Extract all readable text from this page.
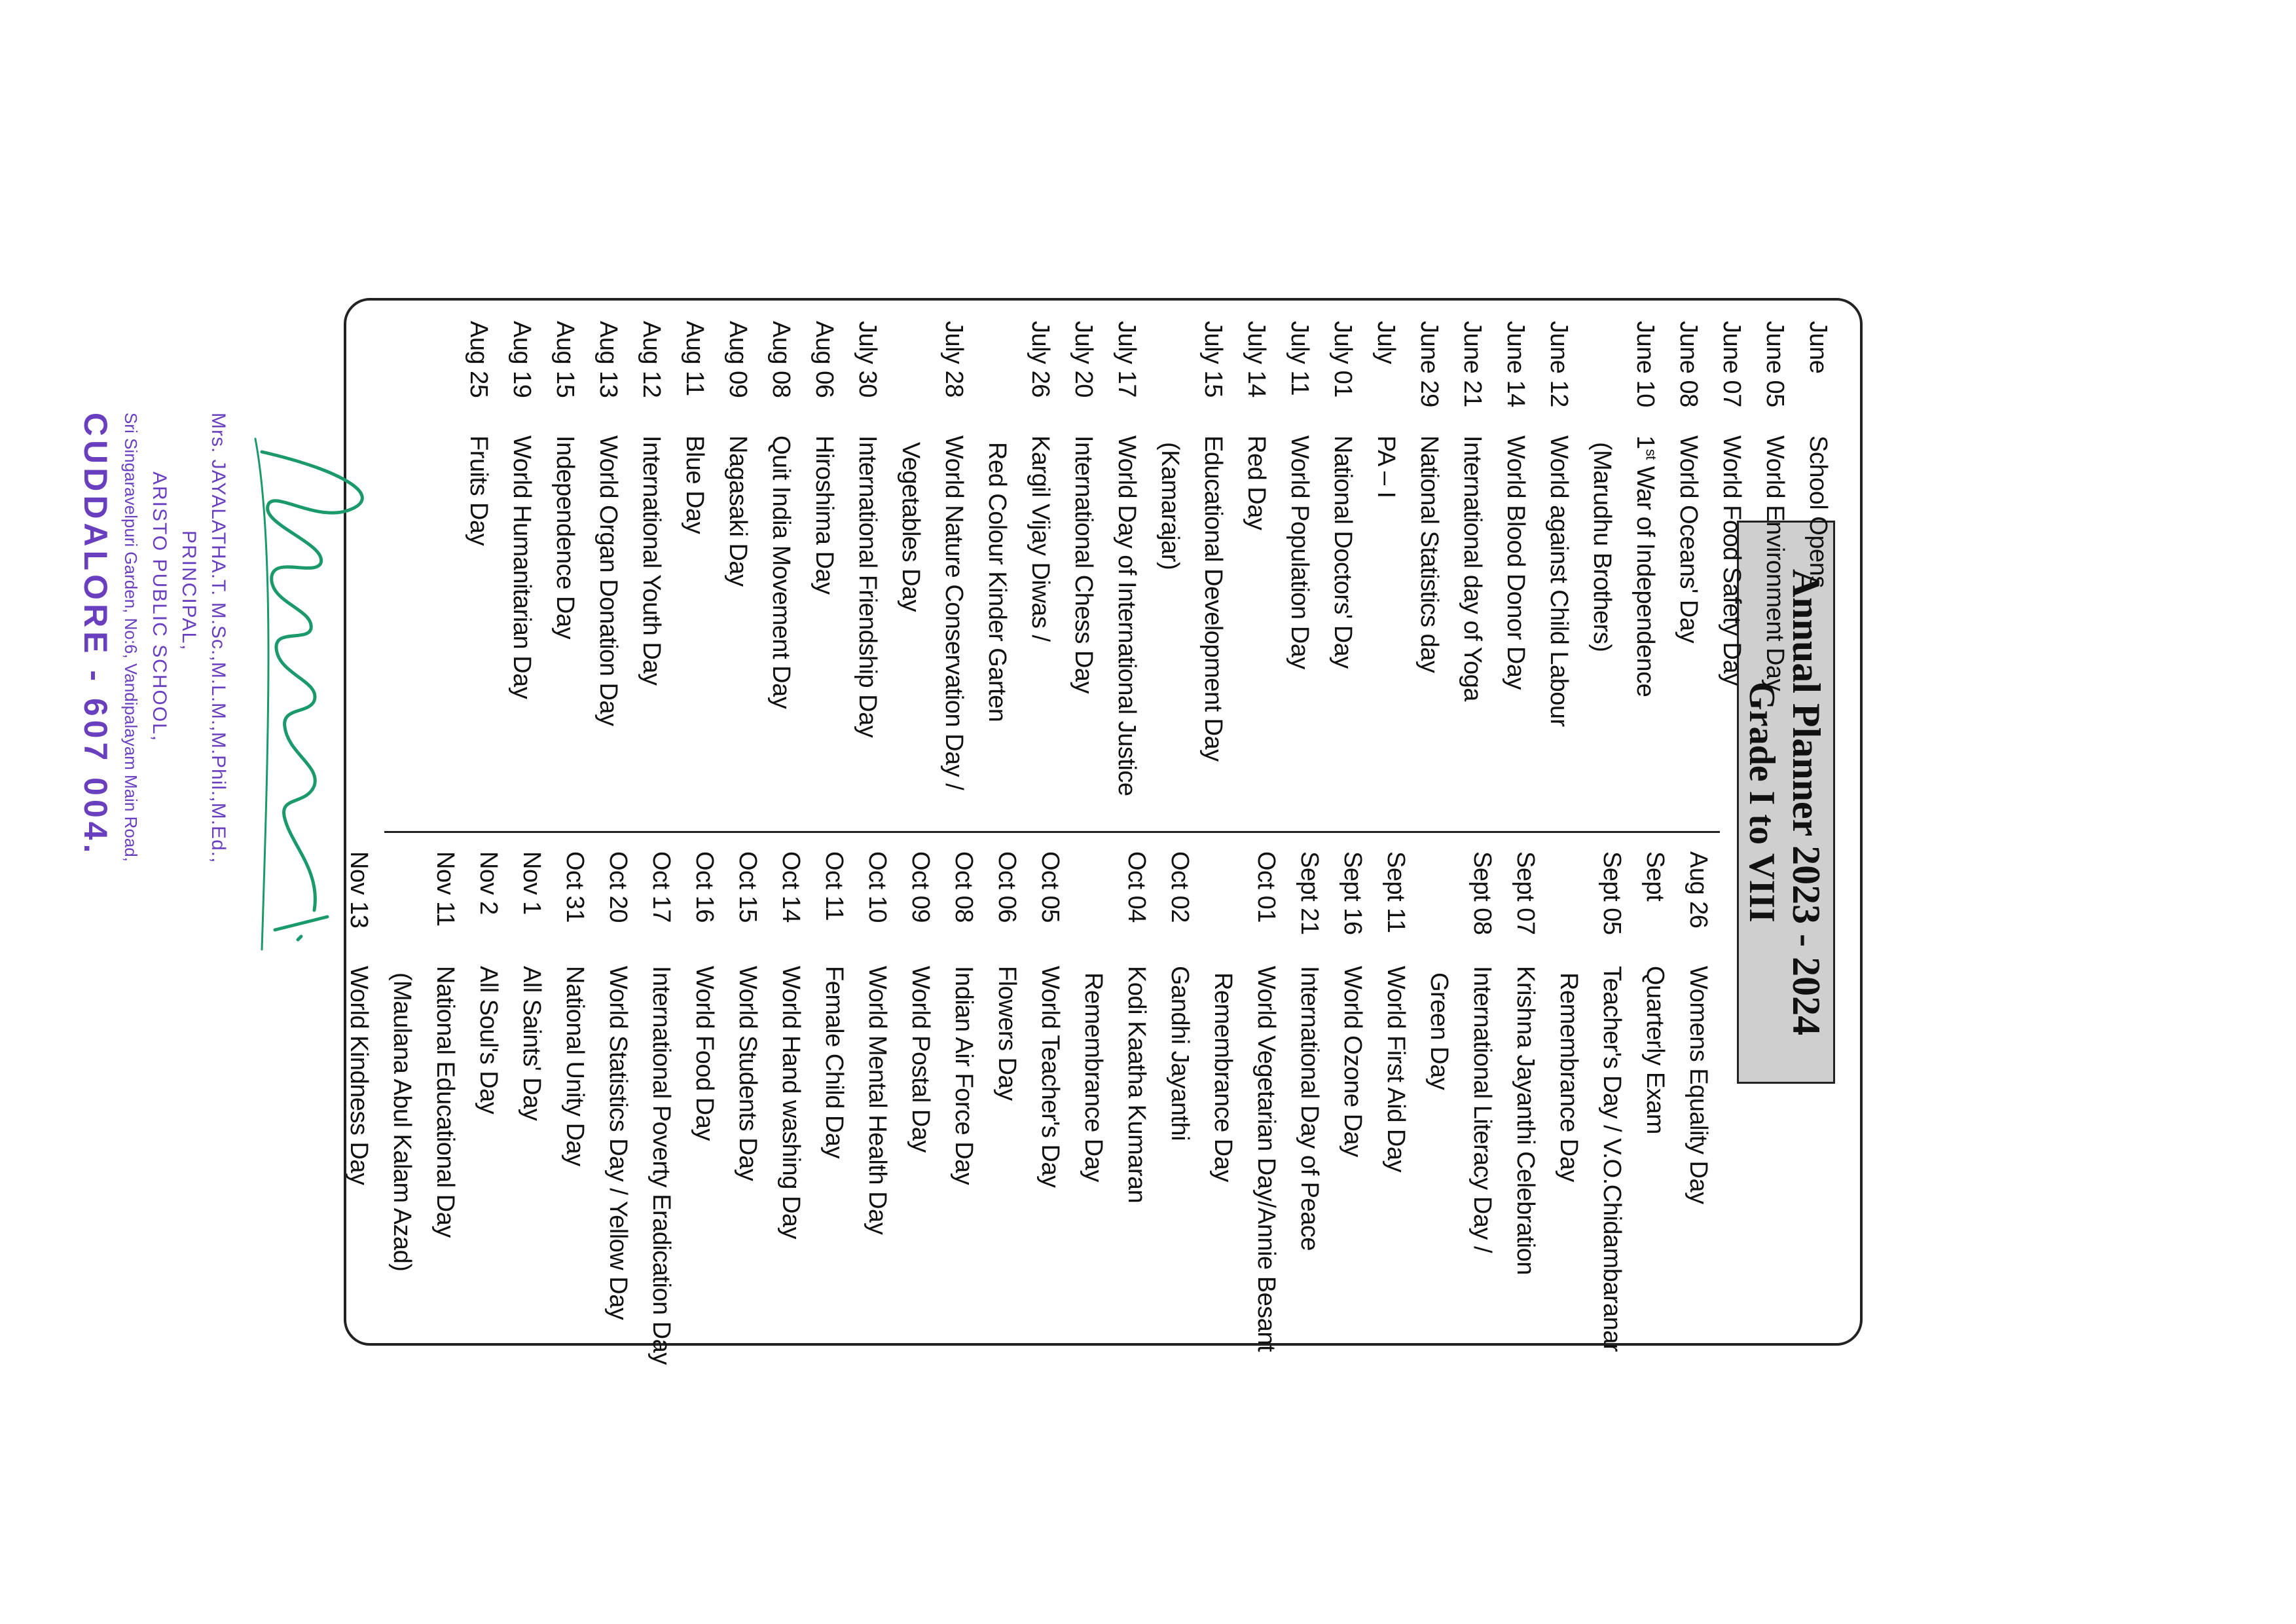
Annual Planner 2023 - 2024
Grade I to VIII
June
School Opens
June 05
World Environment Day
June 07
World Food Safety Day
June 08
World Oceans' Day
June 10
1st War of Independence
(Marudhu Brothers)
June 12
World against Child Labour
June 14
World Blood Donor Day
June 21
International day of Yoga
June 29
National Statistics day
July
PA – I
July 01
National Doctors' Day
July 11
World Population Day
July 14
Red Day
July 15
Educational Development Day
(Kamarajar)
July 17
World Day of International Justice
July 20
International Chess Day
July 26
Kargil Vijay Diwas /
Red Colour Kinder Garten
July 28
World Nature Conservation Day /
Vegetables Day
July 30
International Friendship Day
Aug 06
Hiroshima Day
Aug 08
Quit India Movement Day
Aug 09
Nagasaki Day
Aug 11
Blue Day
Aug 12
International Youth Day
Aug 13
World Organ Donation Day
Aug 15
Independence Day
Aug 19
World Humanitarian Day
Aug 25
Fruits Day
Aug 26
Womens Equality Day
Sept
Quarterly Exam
Sept 05
Teacher's Day / V.O.Chidambaranar
Remembrance Day
Sept 07
Krishna Jayanthi Celebration
Sept 08
International Literacy Day /
Green Day
Sept 11
World First Aid Day
Sept 16
World Ozone Day
Sept 21
International Day of Peace
Oct 01
World Vegetarian Day/Annie Besant
Remembrance Day
Oct 02
Gandhi Jayanthi
Oct 04
Kodi Kaatha Kumaran
Remembrance Day
Oct 05
World Teacher's Day
Oct 06
Flowers Day
Oct 08
Indian Air Force Day
Oct 09
World Postal Day
Oct 10
World Mental Health Day
Oct 11
Female Child Day
Oct 14
World Hand washing Day
Oct 15
World Students Day
Oct 16
World Food Day
Oct 17
International Poverty Eradication Day
Oct 20
World Statistics Day / Yellow Day
Oct 31
National Unity Day
Nov 1
All Saints' Day
Nov 2
All Soul's Day
Nov 11
National Educational Day
(Maulana Abul Kalam Azad)
Nov 13
World Kindness Day
Mrs. JAYALATHA.T. M.Sc.,M.L.M.,M.Phil.,M.Ed.,
PRINCIPAL,
ARISTO PUBLIC SCHOOL,
Sri Singaravelpuri Garden, No:6, Vandipalayam Main Road,
CUDDALORE - 607 004.
